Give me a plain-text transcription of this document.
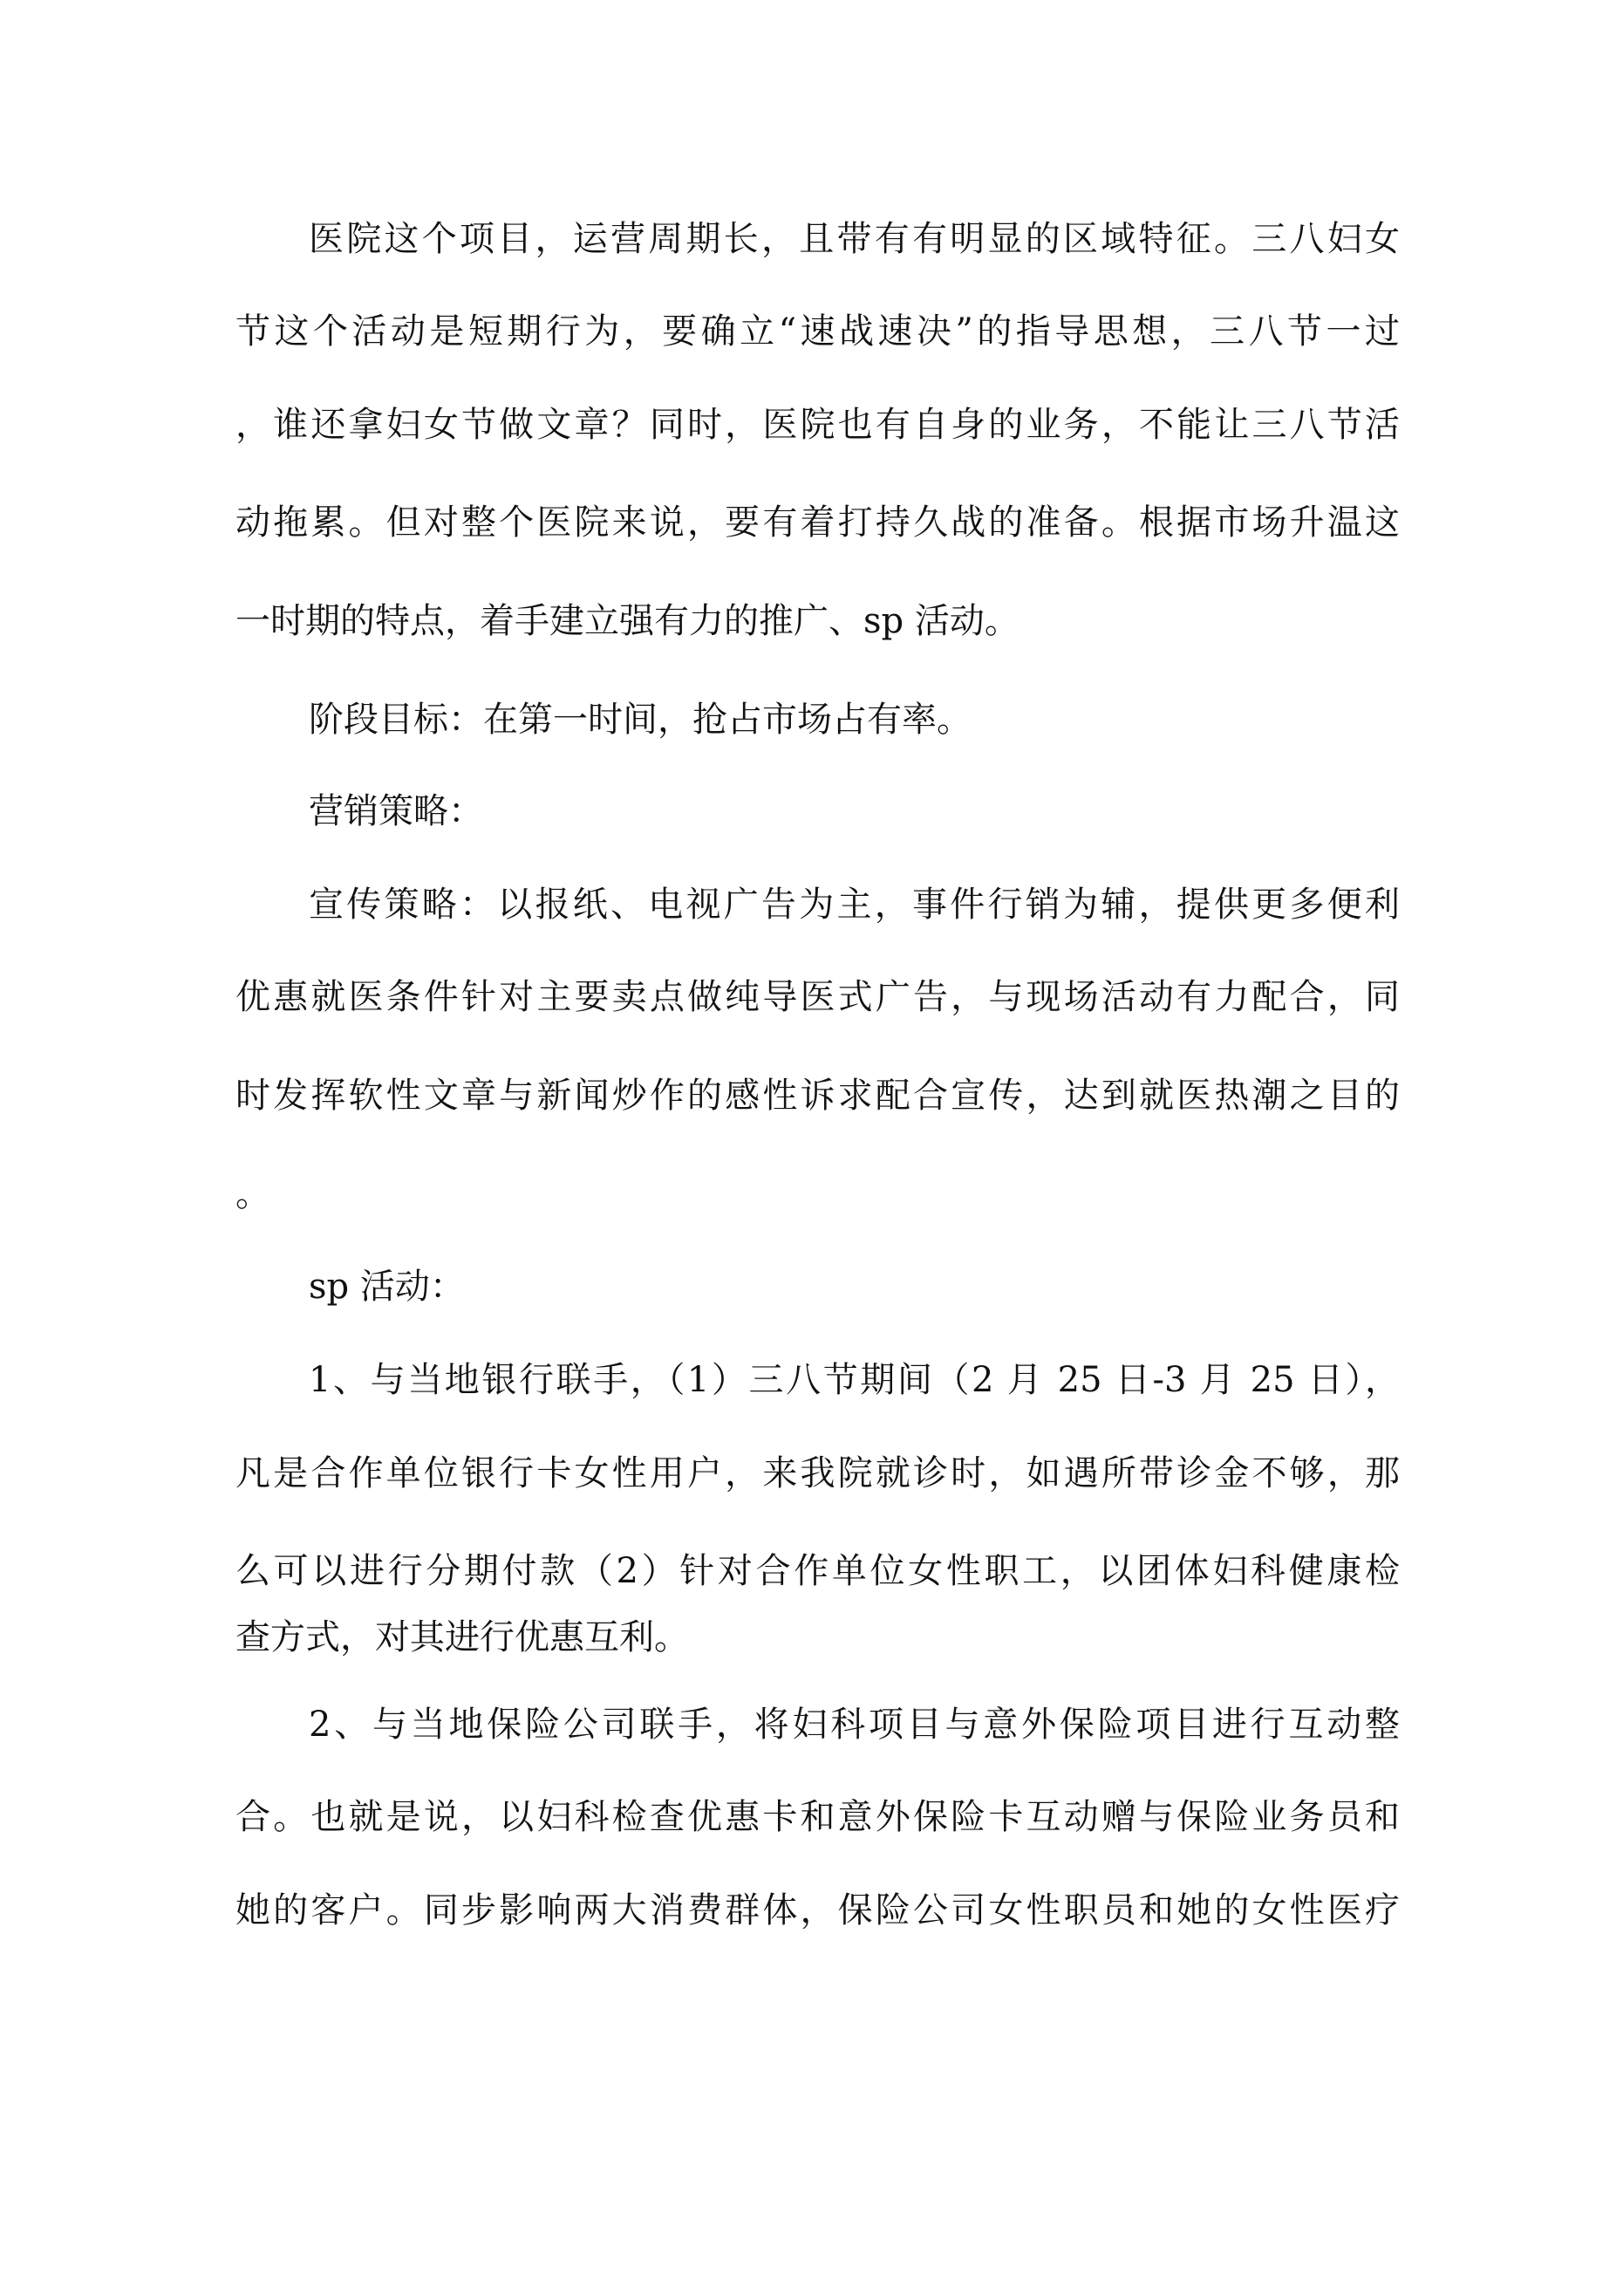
医院这个项目，运营周期长，且带有有明显的区域特征。三八妇女
节这个活动是短期行为，要确立“速战速决”的指导思想，三八节一过
，谁还拿妇女节做文章？同时，医院也有自身的业务，不能让三八节活
动拖累。但对整个医院来说，要有着打持久战的准备。根据市场升温这
一时期的特点，着手建立强有力的推广、sp 活动。
阶段目标：在第一时间，抢占市场占有率。
营销策略：
宣传策略：以报纸、电视广告为主，事件行销为辅，提供更多便利
优惠就医条件针对主要卖点做纯导医式广告，与现场活动有力配合，同
时发挥软性文章与新闻炒作的感性诉求配合宣传，达到就医热潮之目的
。
sp 活动：
1、与当地银行联手，（1）三八节期间（2 月 25 日-3 月 25 日），
凡是合作单位银行卡女性用户，来我院就诊时，如遇所带诊金不够，那
么可以进行分期付款（2）针对合作单位女性职工，以团体妇科健康检
查方式，对其进行优惠互利。
2、与当地保险公司联手，将妇科项目与意外保险项目进行互动整
合。也就是说，以妇科检查优惠卡和意外保险卡互动赠与保险业务员和
她的客户。同步影响两大消费群体，保险公司女性职员和她的女性医疗
